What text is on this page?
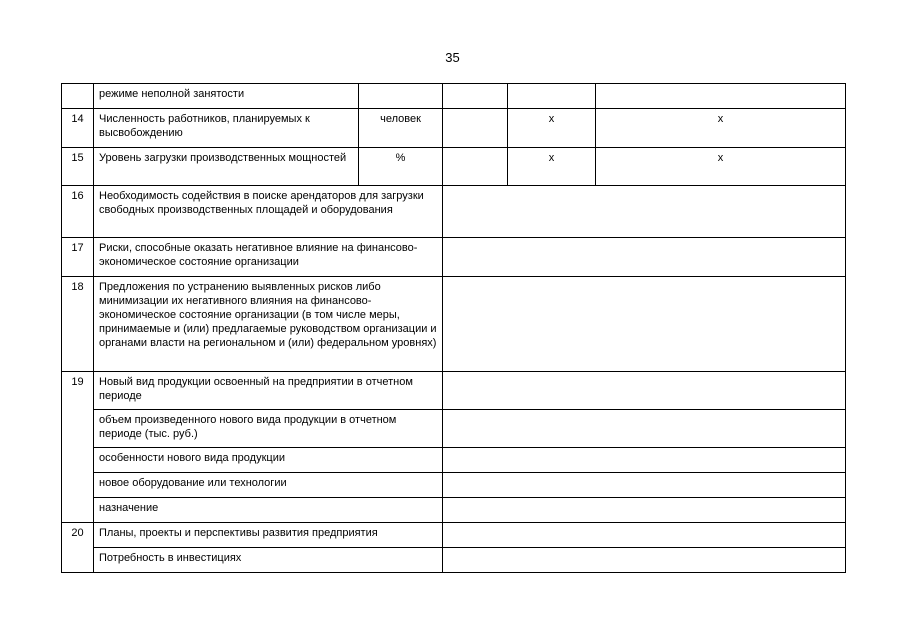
35
	режиме неполной занятости				
14	Численность работников, планируемых к высвобождению	человек		х	х
15	Уровень загрузки производственных мощностей	%		х	х
16	Необходимость содействия в поиске арендаторов для загрузки свободных производственных площадей и оборудования				
17	Риски, способные оказать негативное влияние на финансово-экономическое состояние организации				
18	Предложения по устранению выявленных рисков либо минимизации их негативного влияния на финансово-экономическое состояние организации (в том числе меры, принимаемые и (или) предлагаемые руководством организации и органами власти на региональном и (или) федеральном уровнях)				
19	Новый вид продукции освоенный на предприятии в отчетном периоде				
	объем произведенного нового вида продукции в отчетном периоде (тыс. руб.)				
	особенности нового вида продукции				
	новое оборудование или технологии				
	назначение				
20	Планы, проекты и перспективы развития предприятия				
	Потребность в инвестициях				
